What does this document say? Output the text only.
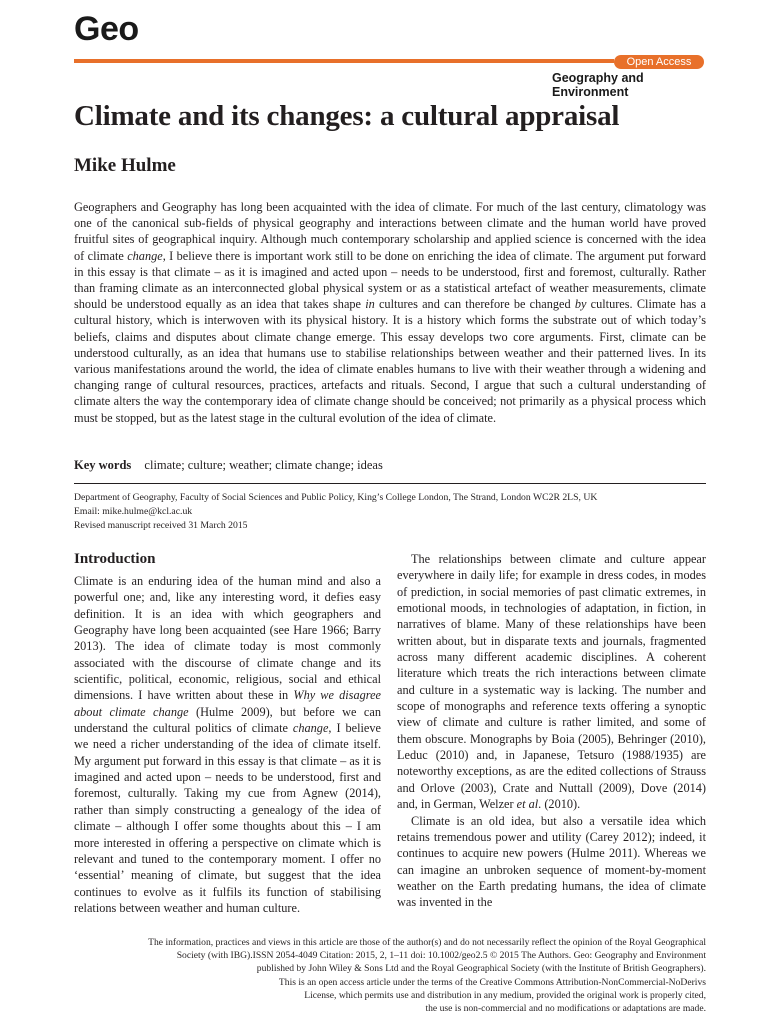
Geo
Open Access
Geography and
Environment
Climate and its changes: a cultural appraisal
Mike Hulme

Geographers and Geography has long been acquainted with the idea of climate. For much of the last century, climatology was one of the canonical sub-fields of physical geography and interactions between climate and the human world have proved fruitful sites of geographical inquiry. Although much contemporary scholarship and applied science is concerned with the idea of climate change, I believe there is important work still to be done on enriching the idea of climate. The argument put forward in this essay is that climate – as it is imagined and acted upon – needs to be understood, first and foremost, culturally. Rather than framing climate as an interconnected global physical system or as a statistical artefact of weather measurements, climate should be understood equally as an idea that takes shape in cultures and can therefore be changed by cultures. Climate has a cultural history, which is interwoven with its physical history. It is a history which forms the substrate out of which today’s beliefs, claims and disputes about climate change emerge. This essay develops two core arguments. First, climate can be understood culturally, as an idea that humans use to stabilise relationships between weather and their patterned lives. In its various manifestations around the world, the idea of climate enables humans to live with their weather through a widening and changing range of cultural resources, practices, artefacts and rituals. Second, I argue that such a cultural understanding of climate alters the way the contemporary idea of climate change should be conceived; not primarily as a physical process which must be stopped, but as the latest stage in the cultural evolution of the idea of climate.

Key words climate; culture; weather; climate change; ideas
Department of Geography, Faculty of Social Sciences and Public Policy, King’s College London, The Strand, London WC2R 2LS, UK
Email: mike.hulme@kcl.ac.uk
Revised manuscript received 31 March 2015
Introduction

Climate is an enduring idea of the human mind and also a powerful one; and, like any interesting word, it defies easy definition. It is an idea with which geographers and Geography have long been acquainted (see Hare 1966; Barry 2013). The idea of climate today is most commonly associated with the discourse of climate change and its scientific, political, economic, religious, social and ethical dimensions. I have written about these in Why we disagree about climate change (Hulme 2009), but before we can understand the cultural politics of climate change, I believe we need a richer understanding of the idea of climate itself. My argument put forward in this essay is that climate – as it is imagined and acted upon – needs to be understood, first and foremost, culturally. Taking my cue from Agnew (2014), rather than simply constructing a genealogy of the idea of climate – although I offer some thoughts about this – I am more interested in offering a perspective on climate which is relevant and tuned to the contemporary moment. I offer no ‘essential’ meaning of climate, but suggest that the idea continues to evolve as it fulfils its function of stabilising relations between weather and human culture.

The relationships between climate and culture appear everywhere in daily life; for example in dress codes, in modes of prediction, in social memories of past climatic extremes, in emotional moods, in technologies of adaptation, in fiction, in narratives of blame. Many of these relationships have been written about, but in disparate texts and journals, fragmented across many different academic disciplines. A coherent literature which treats the rich interactions between climate and culture in a systematic way is lacking. The number and scope of monographs and reference texts offering a synoptic view of climate and culture is rather limited, and some of them obscure. Monographs by Boia (2005), Behringer (2010), Leduc (2010) and, in Japanese, Tetsuro (1988/1935) are noteworthy exceptions, as are the edited collections of Strauss and Orlove (2003), Crate and Nuttall (2009), Dove (2014) and, in German, Welzer et al. (2010).

Climate is an old idea, but also a versatile idea which retains tremendous power and utility (Carey 2012); indeed, it continues to acquire new powers (Hulme 2011). Whereas we can imagine an unbroken sequence of moment-by-moment weather on the Earth predating humans, the idea of climate was invented in the

The information, practices and views in this article are those of the author(s) and do not necessarily reflect the opinion of the Royal Geographical
Society (with IBG).ISSN 2054-4049 Citation: 2015, 2, 1–11 doi: 10.1002/geo2.5 © 2015 The Authors. Geo: Geography and Environment
published by John Wiley & Sons Ltd and the Royal Geographical Society (with the Institute of British Geographers).
This is an open access article under the terms of the Creative Commons Attribution-NonCommercial-NoDerivs
License, which permits use and distribution in any medium, provided the original work is properly cited,
the use is non-commercial and no modifications or adaptations are made.
